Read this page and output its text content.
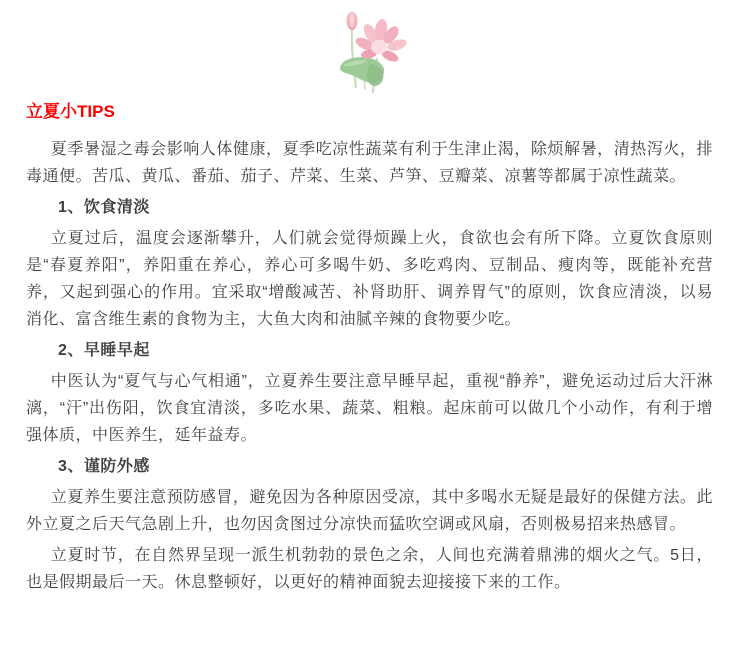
立夏小TIPS

夏季暑湿之毒会影响人体健康，夏季吃凉性蔬菜有利于生津止渴，除烦解暑，清热泻火，排毒通便。苦瓜、黄瓜、番茄、茄子、芹菜、生菜、芦笋、豆瓣菜、凉薯等都属于凉性蔬菜。

1、饮食清淡

立夏过后，温度会逐渐攀升，人们就会觉得烦躁上火，食欲也会有所下降。立夏饮食原则是“春夏养阳”，养阳重在养心，养心可多喝牛奶、多吃鸡肉、豆制品、瘦肉等，既能补充营养，又起到强心的作用。宜采取“增酸减苦、补肾助肝、调养胃气”的原则，饮食应清淡，以易消化、富含维生素的食物为主，大鱼大肉和油腻辛辣的食物要少吃。

2、早睡早起

中医认为“夏气与心气相通”，立夏养生要注意早睡早起，重视“静养”，避免运动过后大汗淋漓，“汗”出伤阳，饮食宜清淡，多吃水果、蔬菜、粗粮。起床前可以做几个小动作，有利于增强体质，中医养生，延年益寿。

3、谨防外感

立夏养生要注意预防感冒，避免因为各种原因受凉，其中多喝水无疑是最好的保健方法。此外立夏之后天气急剧上升，也勿因贪图过分凉快而猛吹空调或风扇，否则极易招来热感冒。

立夏时节，在自然界呈现一派生机勃勃的景色之余，人间也充满着鼎沸的烟火之气。5日，也是假期最后一天。休息整顿好，以更好的精神面貌去迎接接下来的工作。
